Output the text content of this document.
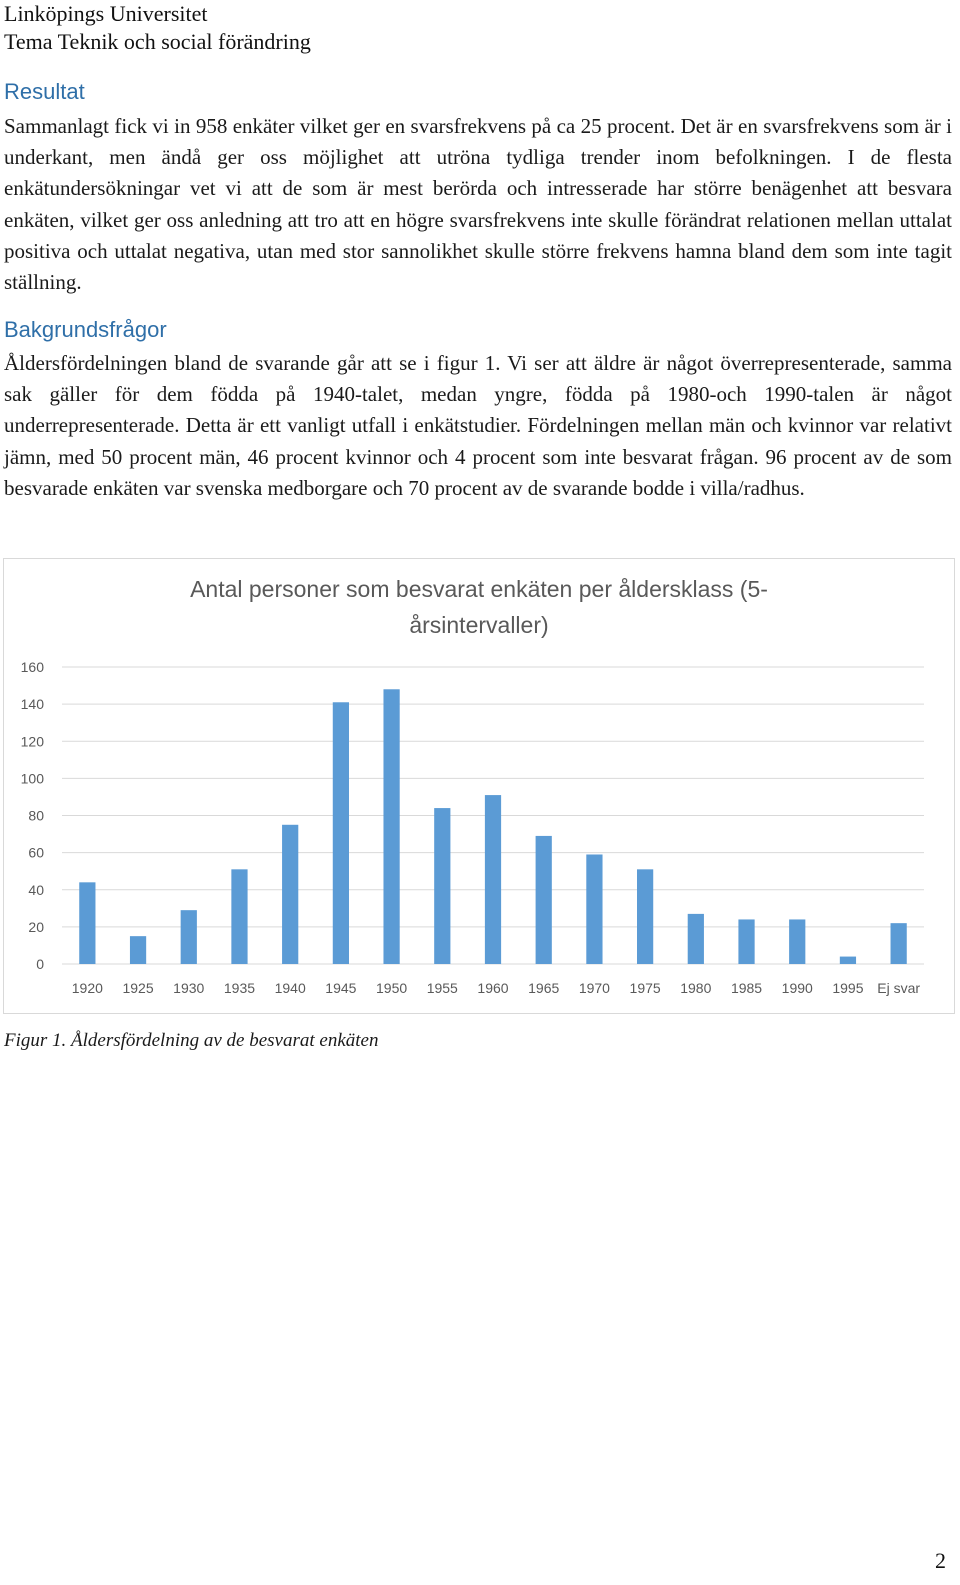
Linköpings Universitet
Tema Teknik och social förändring
Resultat

Sammanlagt fick vi in 958 enkäter vilket ger en svarsfrekvens på ca 25 procent. Det är en svarsfrekvens som är i underkant, men ändå ger oss möjlighet att utröna tydliga trender inom befolkningen. I de flesta enkätundersökningar vet vi att de som är mest berörda och intresserade har större benägenhet att besvara enkäten, vilket ger oss anledning att tro att en högre svarsfrekvens inte skulle förändrat relationen mellan uttalat positiva och uttalat negativa, utan med stor sannolikhet skulle större frekvens hamna bland dem som inte tagit ställning.

Bakgrundsfrågor

Åldersfördelningen bland de svarande går att se i figur 1. Vi ser att äldre är något överrepresenterade, samma sak gäller för dem födda på 1940-talet, medan yngre, födda på 1980-och 1990-talen är något underrepresenterade. Detta är ett vanligt utfall i enkätstudier. Fördelningen mellan män och kvinnor var relativt jämn, med 50 procent män, 46 procent kvinnor och 4 procent som inte besvarat frågan. 96 procent av de som besvarade enkäten var svenska medborgare och 70 procent av de svarande bodde i villa/radhus.

Antal personer som besvarat enkäten per åldersklass (5-
årsintervaller)
0
20
40
60
80
100
120
140
160
1920 1925 1930 1935 1940 1945 1950 1955 1960 1965 1970 1975 1980 1985 1990 1995 Ej svar
Figur 1. Åldersfördelning av de besvarat enkäten
2
